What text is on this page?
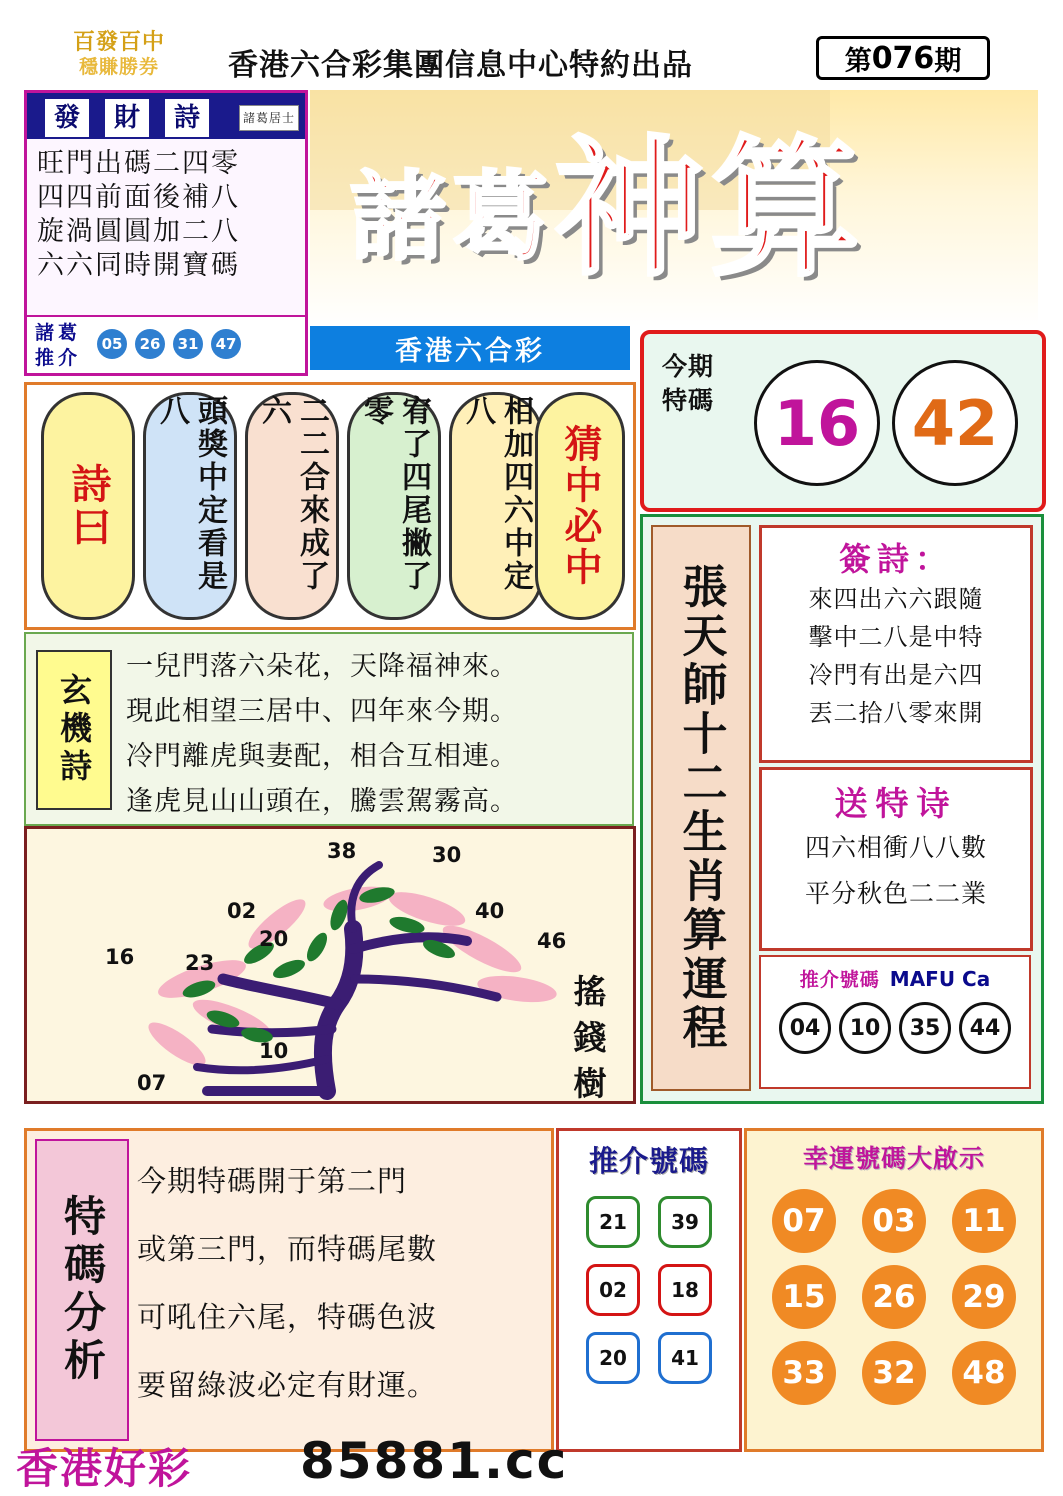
百發百中
穩賺勝券	香港六合彩集團信息中心特約出品	第 076 期
發	財	詩	諸葛居士
旺門出碼二四零
四四前面後補八
旋渦圓圓加二八
六六同時開寶碼
諸葛推介
05	26	31	47
諸 葛 神 算
香港六合彩	今期特碼 16 42
詩曰	頭獎中定看是八	二二合來成了六	宥了四尾撇了零	相加四六中定八
猜中必中
玄機詩
一兒門落六朵花，天降福神來。
現此相望三居中、四年來今期。
冷門離虎與妻配，相合互相連。
逢虎見山山頭在，騰雲駕霧高。
38	30
02	40
20	46
16 23
10
07
搖錢樹
張天師十二生肖算運程
簽詩：
來四出六六跟隨
擊中二八是中特
冷門有出是六四
丟二拾八零來開
送特诗
四六相衝八八數
平分秋色二二業
推介號碼 MAFU Ca
04	10	35	44
特碼分析
今期特碼開于第二門
或第三門，而特碼尾數
可吼住六尾，特碼色波
要留綠波必定有財運。
推介號碼
21	39
02	18
20	41
幸運號碼大啟示
07	03	11
15	26	29
33	32	48
香港好彩 85881.cc
